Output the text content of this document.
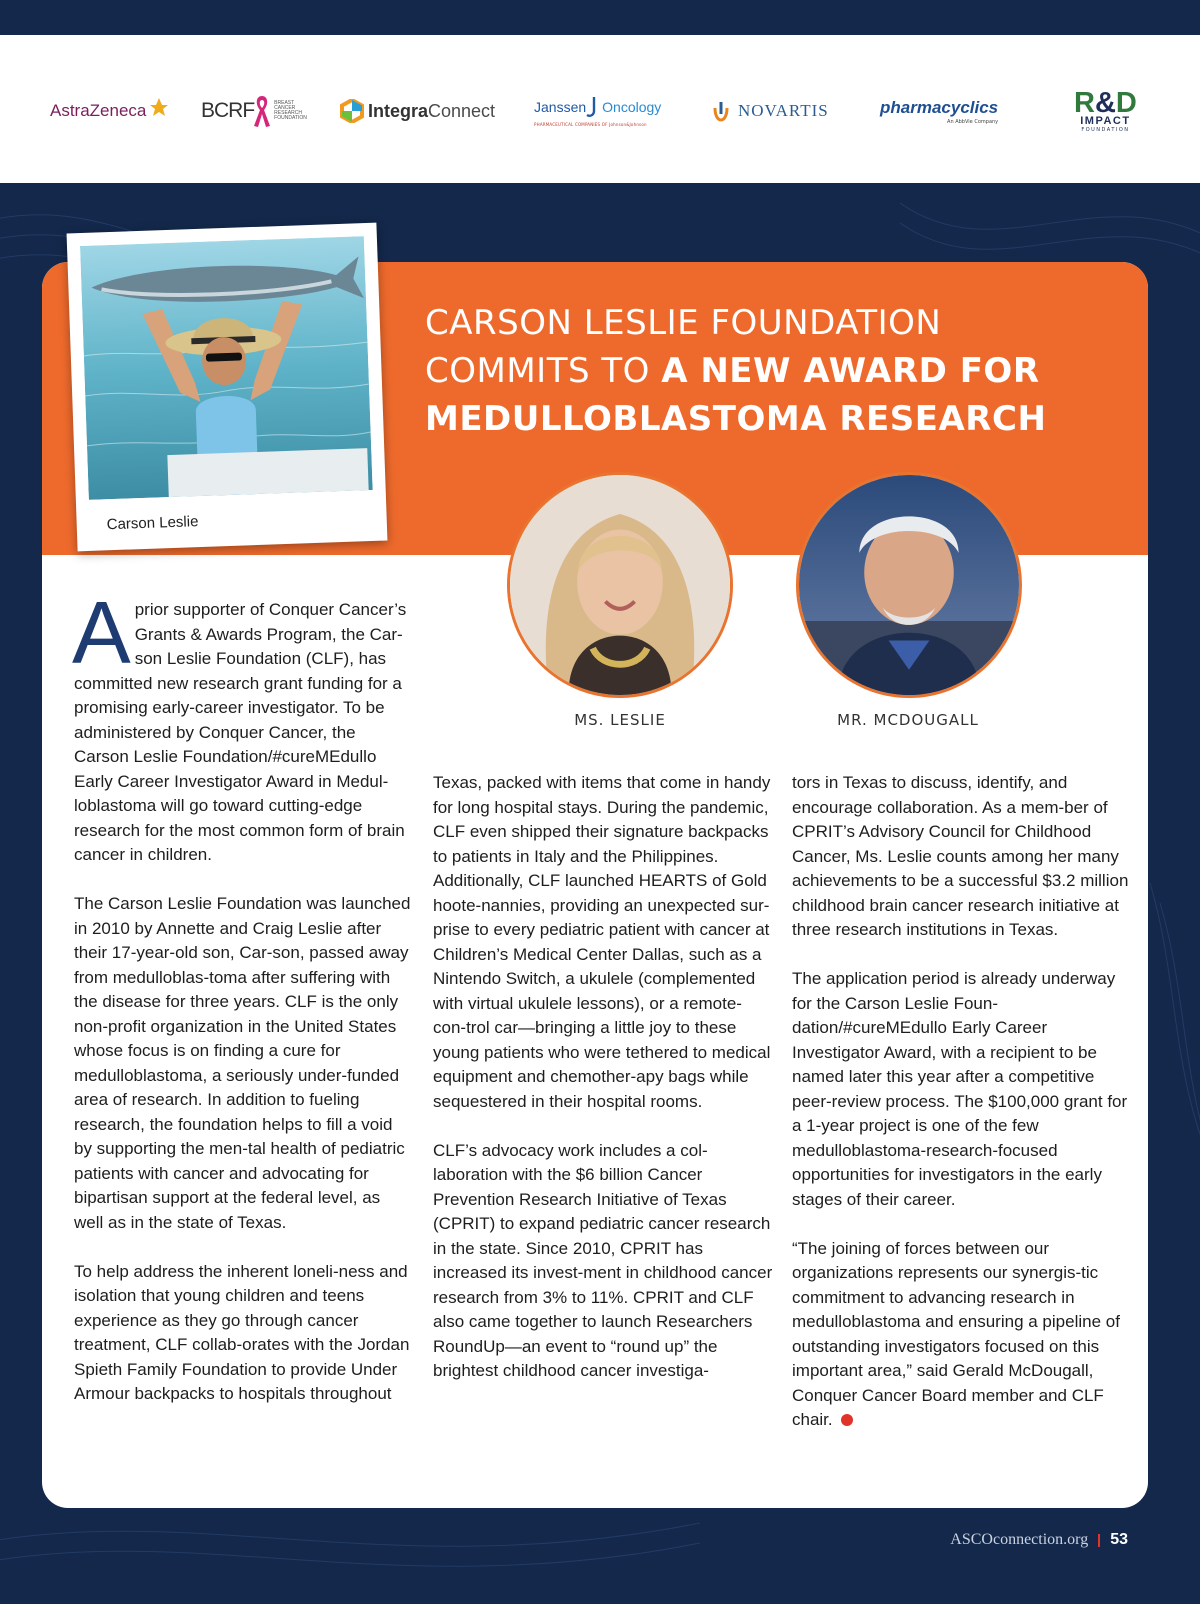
AstraZeneca	BCRF	BREAST CANCER RESEARCH FOUNDATION	Integra Connect	Janssen Oncology
PHARMACEUTICAL COMPANIES OF Johnson&Johnson
NOVARTIS	pharmacyclics
An AbbVie Company
R&D
IMPACT
FOUNDATION
CARSON LESLIE FOUNDATION
COMMITS TO A NEW AWARD FOR
MEDULLOBLASTOMA RESEARCH
Carson Leslie
MS. LESLIE	MR. MCDOUGALL

Aprior supporter of Conquer Cancer’s Grants & Awards Program, the Car-son Leslie Foundation (CLF), has committed new research grant funding for a promising early-career investigator. To be administered by Conquer Cancer, the Carson Leslie Foundation/#cureMEdullo Early Career Investigator Award in Medul-loblastoma will go toward cutting-edge research for the most common form of brain cancer in children.

The Carson Leslie Foundation was launched in 2010 by Annette and Craig Leslie after their 17-year-old son, Car-son, passed away from medulloblas-toma after suffering with the disease for three years. CLF is the only non-profit organization in the United States whose focus is on finding a cure for medulloblastoma, a seriously under-funded area of research. In addition to fueling research, the foundation helps to fill a void by supporting the men-tal health of pediatric patients with cancer and advocating for bipartisan support at the federal level, as well as in the state of Texas.

To help address the inherent loneli-ness and isolation that young children and teens experience as they go through cancer treatment, CLF collab-orates with the Jordan Spieth Family Foundation to provide Under Armour backpacks to hospitals throughout

Texas, packed with items that come in handy for long hospital stays. During the pandemic, CLF even shipped their signature backpacks to patients in Italy and the Philippines. Additionally, CLF launched HEARTS of Gold hoote-nannies, providing an unexpected sur-prise to every pediatric patient with cancer at Children’s Medical Center Dallas, such as a Nintendo Switch, a ukulele (complemented with virtual ukulele lessons), or a remote-con-trol car—bringing a little joy to these young patients who were tethered to medical equipment and chemother-apy bags while sequestered in their hospital rooms.

CLF’s advocacy work includes a col-laboration with the $6 billion Cancer Prevention Research Initiative of Texas (CPRIT) to expand pediatric cancer research in the state. Since 2010, CPRIT has increased its invest-ment in childhood cancer research from 3% to 11%. CPRIT and CLF also came together to launch Researchers RoundUp—an event to “round up” the brightest childhood cancer investiga-

tors in Texas to discuss, identify, and encourage collaboration. As a mem-ber of CPRIT’s Advisory Council for Childhood Cancer, Ms. Leslie counts among her many achievements to be a successful $3.2 million childhood brain cancer research initiative at three research institutions in Texas.

The application period is already underway for the Carson Leslie Foun-dation/#cureMEdullo Early Career Investigator Award, with a recipient to be named later this year after a competitive peer-review process. The $100,000 grant for a 1-year project is one of the few medulloblastoma-research-focused opportunities for investigators in the early stages of their career.

“The joining of forces between our organizations represents our synergis-tic commitment to advancing research in medulloblastoma and ensuring a pipeline of outstanding investigators focused on this important area,” said Gerald McDougall, Conquer Cancer Board member and CLF chair.

ASCOconnection.org 53
